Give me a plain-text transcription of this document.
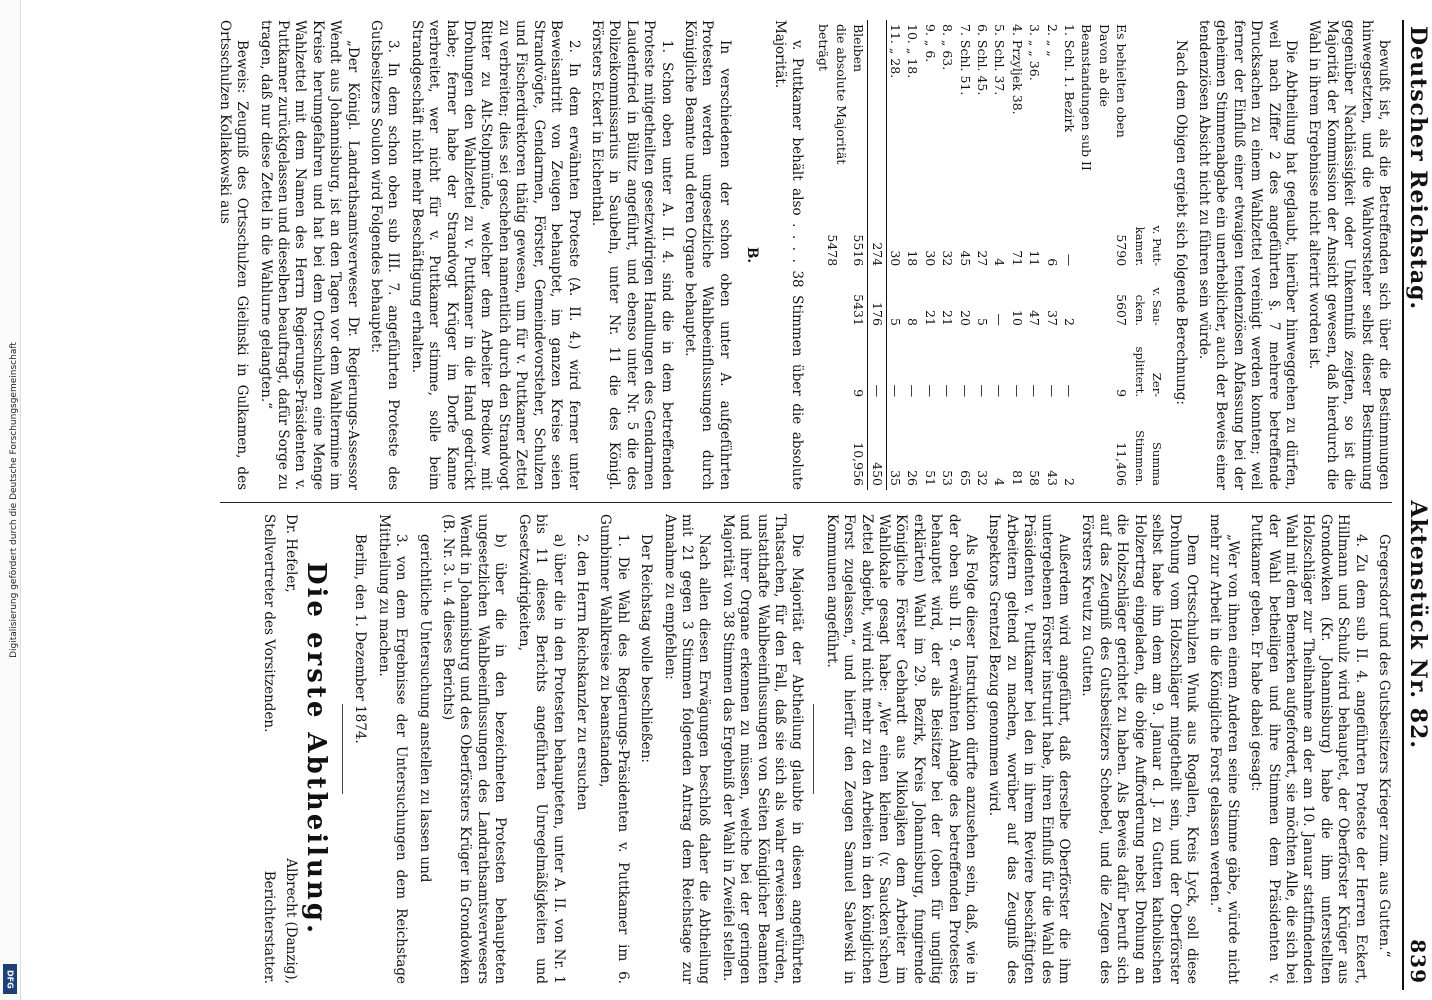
Digitalisierung gefördert durch die Deutsche Forschungsgemeinschaft
DFG
Deutscher Reichstag.
Aktenstück Nr. 82.
839

bewußt ist, als die Betreffenden sich über die Bestimmungen hinwegsetzten, und die Wahlvorsteher selbst dieser Bestimmung gegenüber Nachlässigkeit oder Unkenntniß zeigten, so ist die Majorität der Kommission der Ansicht gewesen, daß hierdurch die Wahl in ihrem Ergebnisse nicht alterirt worden ist.

Die Abtheilung hat geglaubt, hierüber hinweggehen zu dürfen, weil nach Ziffer 2 des angeführten §. 7 mehrere betreffende Drucksachen zu einem Wahlzettel vereinigt werden konnten; weil ferner der Einfluß einer etwaigen tendenziösen Abfassung bei der geheimen Stimmenabgabe ein unerheblicher, auch der Beweis einer tendenziösen Absicht nicht zu führen sein würde.

Nach dem Obigen ergiebt sich folgende Berechnung:

	v. Putt-kamer.	v. Sau-cken.	Zer-splittert.	Summa Stimmen.
Es behielten oben	5790	5607	9	11,406
Davon ab die Beanstandungen sub II				
1. Schl. 1. Bezirk	—	2	—	2
2. „ „	6	37	—	43
3. „ „ 36.	11	47	—	58
4. Przyljek 38.	71	10	—	81
5. Schl. 37.	4	—	—	4
6. Schl. 45.	27	5	—	32
7. Schl. 51.	45	20	—	65
8. „ 63.	32	21	—	53
9. „ 6.	30	21	—	51
10. „ 18.	18	8	—	26
11. „ 28.	30	5	—	35
	274	176	—	450
Bleiben	5516	5431	9	10,956
die absolute Majorität beträgt	5478			

v. Puttkamer behält also . . . . 38 Stimmen über die absolute Majorität.

B.

In verschiedenen der schon oben unter A. aufgeführten Protesten werden ungesetzliche Wahlbeeinflussungen durch Königliche Beamte und deren Organe behauptet.

1. Schon oben unter A. II. 4. sind die in dem betreffenden Proteste mitgetheilten gesetzwidrigen Handlungen des Gendarmen Laudenfried in Bülitz angeführt, und ebenso unter Nr. 5 die des Polizeikommissarius in Saubeln, unter Nr. 11 die des Königl. Försters Eckert in Eichenthal.

2. In dem erwähnten Proteste (A. II. 4.) wird ferner unter Beweisantritt von Zeugen behauptet, im ganzen Kreise seien Strandvögte, Gendarmen, Förster, Gemeindevorsteher, Schulzen und Fischerdirektoren thätig gewesen, um für v. Puttkamer Zettel zu verbreiten; dies sei geschehen namentlich durch den Strandvogt Ritter zu Alt-Stolpmünde, welcher dem Arbeiter Brediow mit Drohungen den Wahlzettel zu v. Puttkamer in die Hand gedrückt habe; ferner habe der Strandvogt Krüger im Dorfe Kanne verbreitet, wer nicht für v. Puttkamer stimme, solle beim Strandgeschäft nicht mehr Beschäftigung erhalten.

3. In dem schon oben sub III. 7. angeführten Proteste des Gutsbesitzers Soulon wird Folgendes behauptet:

„Der Königl. Landrathsamtsverweser Dr. Regierungs-Assessor Wendt aus Johannisburg, ist an den Tagen vor dem Wahltermine im Kreise herumgefahren und hat bei dem Ortsschulzen eine Menge Wahlzettel mit dem Namen des Herrn Regierungs-Präsidenten v. Puttkamer zurückgelassen und dieselben beauftragt, dafür Sorge zu tragen, daß nur diese Zettel in die Wahlurne gelangten.“

Beweis: Zeugniß des Ortsschulzen Gielinski in Gulkamen, des Ortsschulzen Kollakowski aus

Gregersdorf und des Gutsbesitzers Krieger zum. aus Gutten.“

4. Zu dem sub II. 4. angeführten Proteste der Herren Eckert, Hillmann und Schulz wird behauptet, der Oberförster Krüger aus Grondowken (Kr. Johannisburg) habe die ihm unterstellten Holzschläger zur Theilnahme an der am 10. Januar stattfindenden Wahl mit dem Bemerken aufgefordert, sie möchten Alle, die sich bei der Wahl betheiligen und ihre Stimmen dem Präsidenten v. Puttkamer geben. Er habe dabei gesagt:

„Wer von ihnen einem Anderen seine Stimme gäbe, würde nicht mehr zur Arbeit in die Königliche Forst gelassen werden.“

Dem Ortsschulzen Wnuk aus Rogallen, Kreis Lyck, soll diese Drohung vom Holzschläger mitgetheilt sein, und der Oberförster selbst habe ihn dem am 9. Januar d. J. zu Gutten katholischen Holzertrag eingeladen, die obige Aufforderung nebst Drohung an die Holzschläger gerichtet zu haben. Als Beweis dafür beruft sich auf das Zeugniß des Gutsbesitzers Schoebel, und die Zeugen des Försters Kreutz zu Gutten.

Außerdem wird angeführt, daß derselbe Oberförster die ihm untergebenen Förster instruirt habe, ihren Einfluß für die Wahl des Präsidenten v. Puttkamer bei den in ihrem Reviere beschäftigten Arbeitern geltend zu machen, worüber auf das Zeugniß des Inspektors Grentzel Bezug genommen wird.

Als Folge dieser Instruktion dürfte anzusehen sein, daß, wie in der oben sub II. 9. erwähnten Anlage des betreffenden Protestes behauptet wird, der als Beisitzer bei der (oben für ungiltig erklärten) Wahl im 29. Bezirk, Kreis Johannisburg, fungirende Königliche Förster Gebhardt aus Mikolajken dem Arbeiter im Wahllokale gesagt habe: „Wer einen kleinen (v. Saucken'schen) Zettel abgiebt, wird nicht mehr zu den Arbeiten in den königlichen Forst zugelassen,“ und hierfür den Zeugen Samuel Salewski in Kommunen angeführt.

Die Majorität der Abtheilung glaubte in diesen angeführten Thatsachen, für den Fall, daß sie sich als wahr erweisen würden, unstatthafte Wahlbeeinflussungen von Seiten Königlicher Beamten und ihrer Organe erkennen zu müssen, welche bei der geringen Majorität von 38 Stimmen das Ergebniß der Wahl in Zweifel stellen.

Nach allen diesen Erwägungen beschloß daher die Abtheilung mit 21 gegen 3 Stimmen folgenden Antrag dem Reichstage zur Annahme zu empfehlen:

Der Reichstag wolle beschließen:

1. Die Wahl des Regierungs-Präsidenten v. Puttkamer im 6. Gumbinner Wahlkreise zu beanstanden,

2. den Herrn Reichskanzler zu ersuchen

a) über die in den Protesten behaupteten, unter A. II. von Nr. 1 bis 11 dieses Berichts angeführten Unregelmäßigkeiten und Gesetzwidrigkeiten,

b) über die in den bezeichneten Protesten behaupteten ungesetzlichen Wahlbeeinflussungen des Landrathsamtsverwesers Wendt in Johannisburg und des Oberförsters Krüger in Grondowken (B. Nr. 3. u. 4 dieses Berichts)

gerichtliche Untersuchung anstellen zu lassen und

3. von dem Ergebnisse der Untersuchungen dem Reichstage Mittheilung zu machen.

Berlin, den 1. Dezember 1874.

Die erste Abtheilung.

Dr. Hefeler,
Albrecht (Danzig),
Stellvertreter des Vorsitzenden.
Berichterstatter.
